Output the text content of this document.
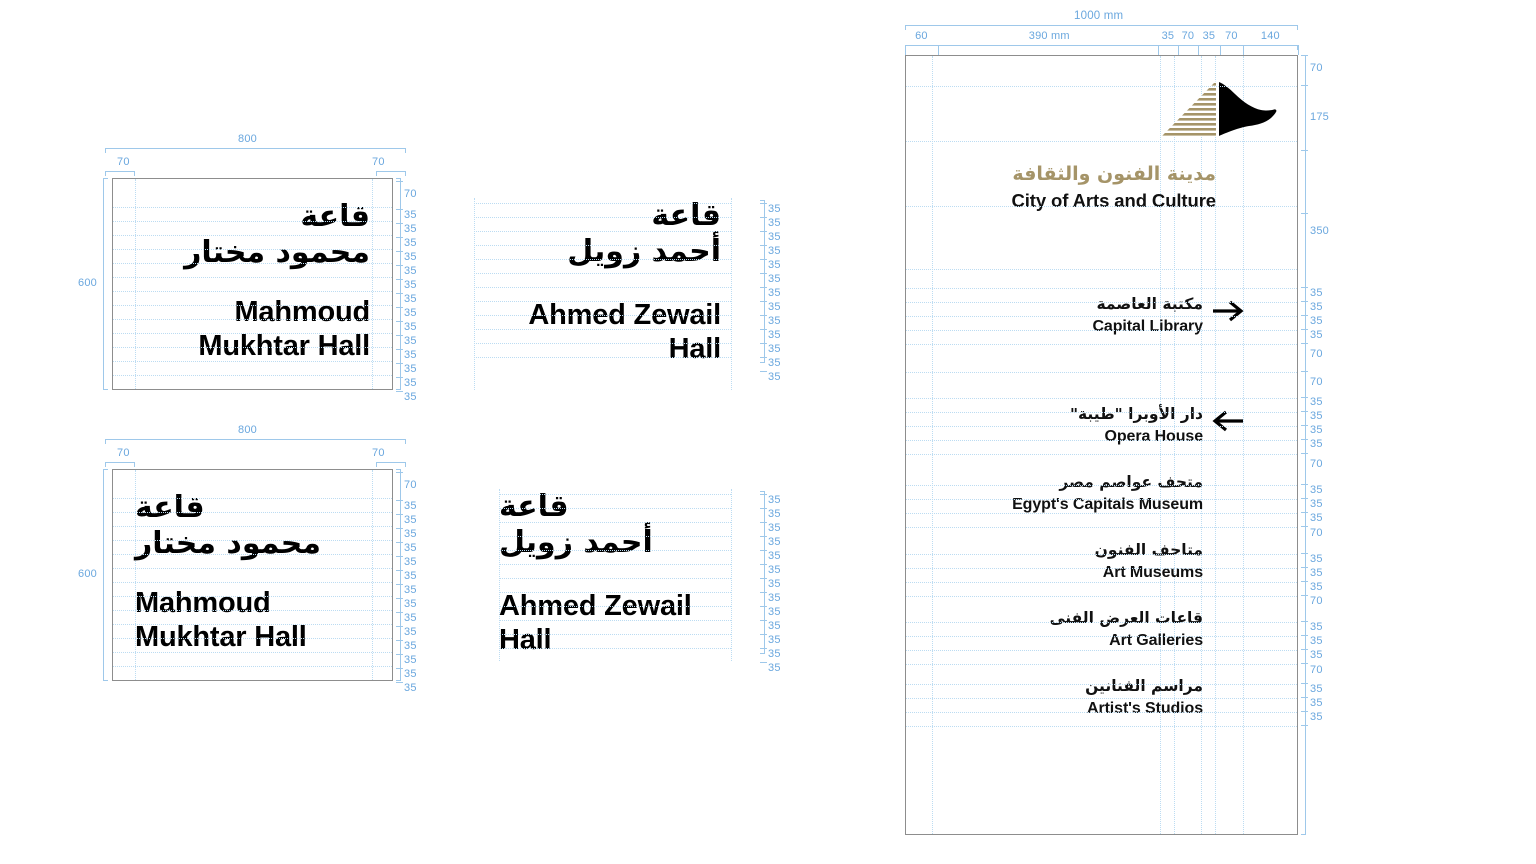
800
70	70
600
قاعة
محمود مختار
Mahmoud
Mukhtar Hall
70
35
35
35
35
35
35
35
35
35
35
35
35
35
35
قاعة
أحمد زويل
Ahmed Zewail
Hall
35
35
35
35
35
35
35
35
35
35
35
35
35
800
70	70
600
قاعة
محمود مختار
Mahmoud
Mukhtar Hall
70
35
35
35
35
35
35
35
35
35
35
35
35
35
35
قاعة
أحمد زويل
Ahmed Zewail
Hall
35
35
35
35
35
35
35
35
35
35
35
35
35
1000 mm
60	390 mm	35 70 35 70 140
مدينة الفنون والثقافة
City of Arts and Culture
مكتبة العاصمة
Capital Library
دار الأوبرا "طيبة"
Opera House
متحف عواصم مصر
Egypt's Capitals Museum
متاحف الفنون
Art Museums
قاعات العرض الفنى
Art Galleries
مراسم الفنانين
Artist's Studios
70
175
350
35
35
35
35
70
70
35
35
35
35
70
35
35
35
70
35
35
35
70
35
35
35
70
35
35
35
